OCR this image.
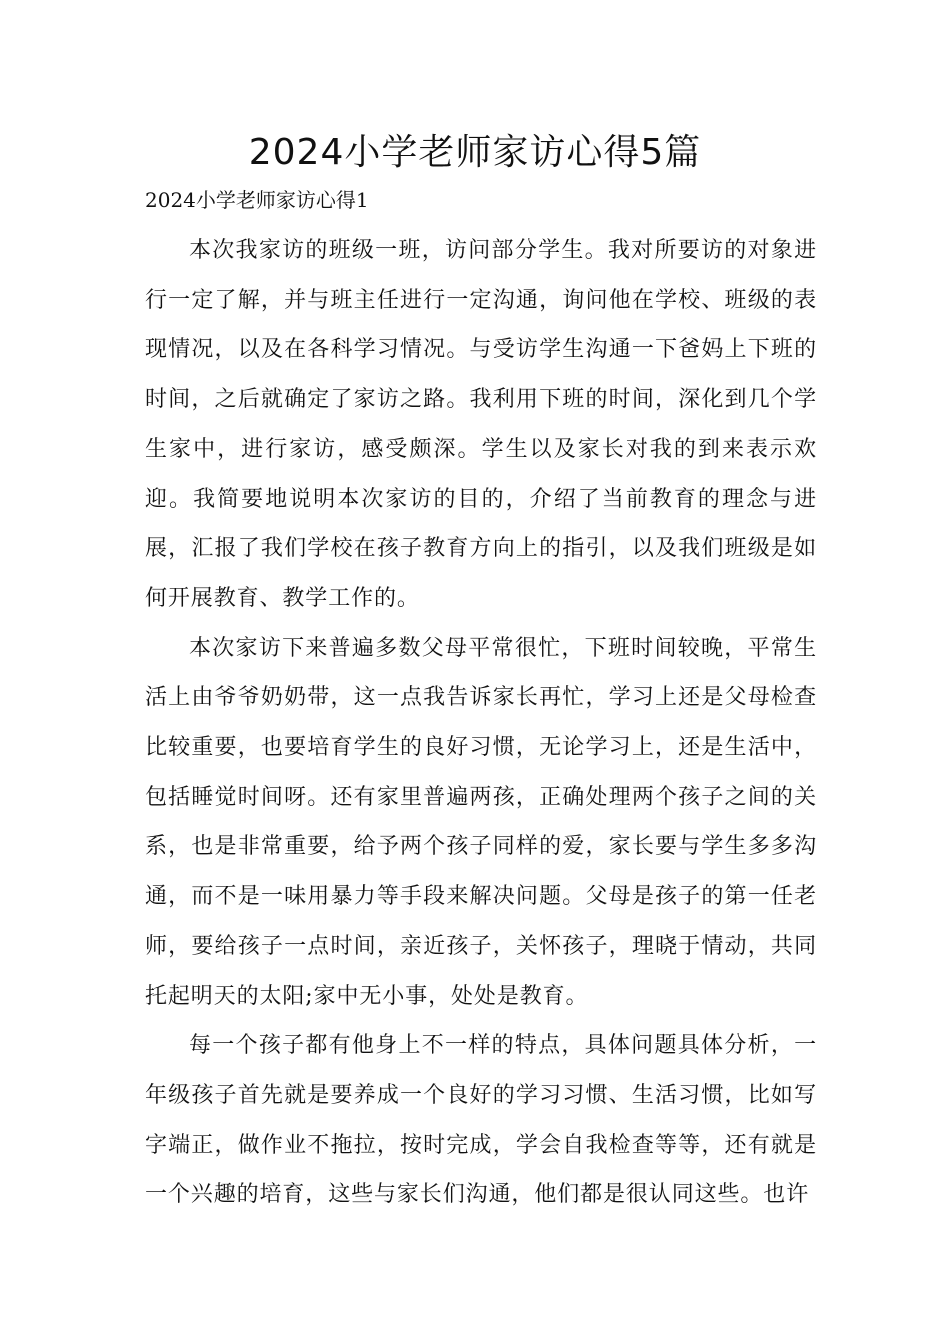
2024小学老师家访心得5篇
2024小学老师家访心得1

本次我家访的班级一班，访问部分学生。我对所要访的对象进行一定了解，并与班主任进行一定沟通，询问他在学校、班级的表现情况，以及在各科学习情况。与受访学生沟通一下爸妈上下班的时间，之后就确定了家访之路。我利用下班的时间，深化到几个学生家中，进行家访，感受颇深。学生以及家长对我的到来表示欢迎。我简要地说明本次家访的目的，介绍了当前教育的理念与进展，汇报了我们学校在孩子教育方向上的指引，以及我们班级是如何开展教育、教学工作的。

本次家访下来普遍多数父母平常很忙，下班时间较晚，平常生活上由爷爷奶奶带，这一点我告诉家长再忙，学习上还是父母检查比较重要，也要培育学生的良好习惯，无论学习上，还是生活中，包括睡觉时间呀。还有家里普遍两孩，正确处理两个孩子之间的关系，也是非常重要，给予两个孩子同样的爱，家长要与学生多多沟通，而不是一味用暴力等手段来解决问题。父母是孩子的第一任老师，要给孩子一点时间，亲近孩子，关怀孩子，理晓于情动，共同托起明天的太阳;家中无小事，处处是教育。

每一个孩子都有他身上不一样的特点，具体问题具体分析，一年级孩子首先就是要养成一个良好的学习习惯、生活习惯，比如写字端正，做作业不拖拉，按时完成，学会自我检查等等，还有就是一个兴趣的培育，这些与家长们沟通，他们都是很认同这些。也许
